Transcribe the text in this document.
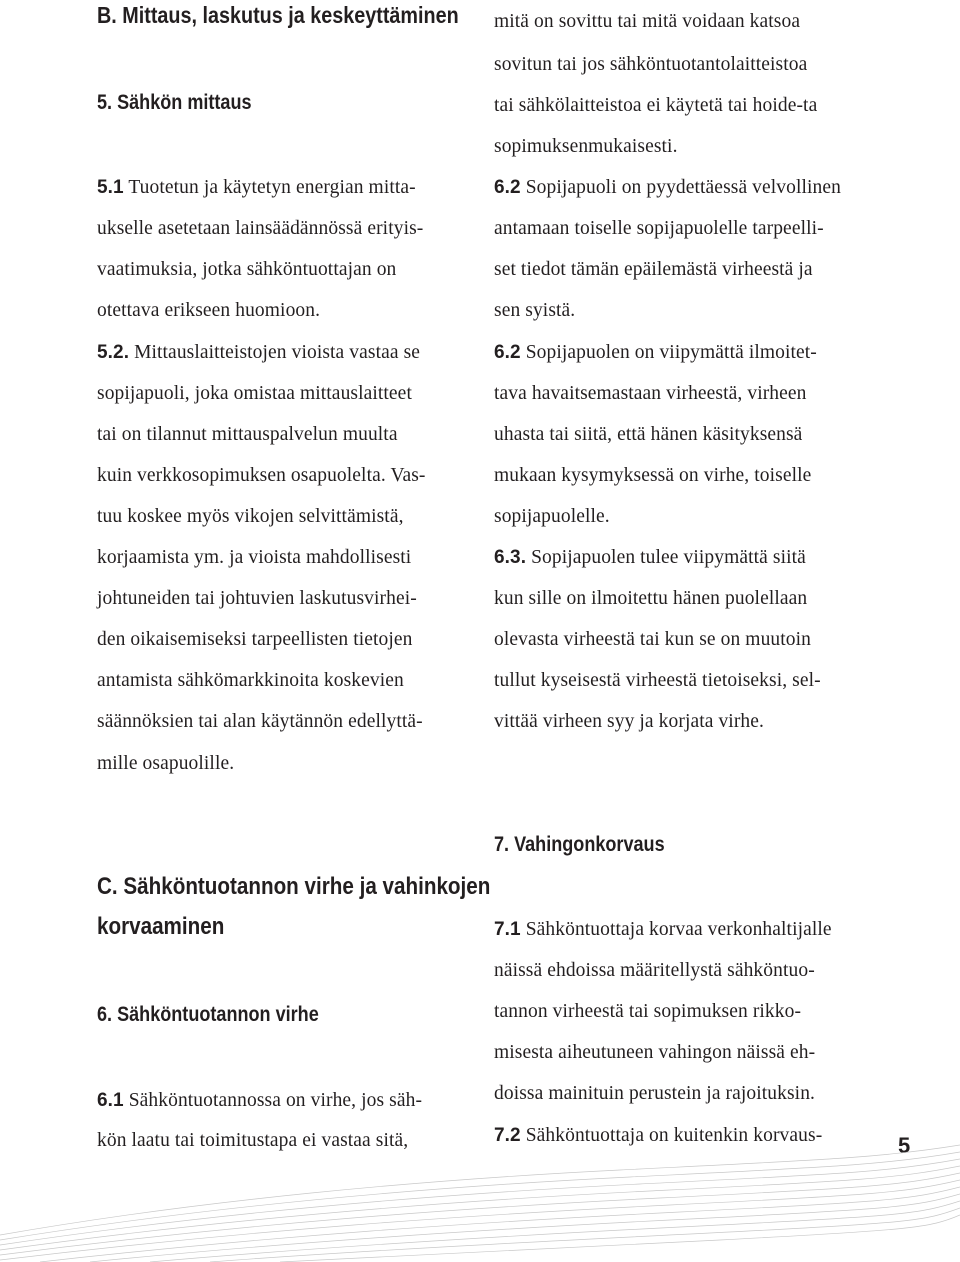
B. Mittaus, laskutus ja keskeyttäminen
5. Sähkön mittaus

5.1 Tuotetun ja käytetyn energian mitta-

ukselle asetetaan lainsäädännössä erityis-

vaatimuksia, jotka sähköntuottajan on

otettava erikseen huomioon.

5.2. Mittauslaitteistojen vioista vastaa se

sopijapuoli, joka omistaa mittauslaitteet

tai on tilannut mittauspalvelun muulta

kuin verkkosopimuksen osapuolelta. Vas-

tuu koskee myös vikojen selvittämistä,

korjaamista ym. ja vioista mahdollisesti

johtuneiden tai johtuvien laskutusvirhei-

den oikaisemiseksi tarpeellisten tietojen

antamista sähkömarkkinoita koskevien

säännöksien tai alan käytännön edellyttä-

mille osapuolille.

C. Sähköntuotannon virhe ja vahinkojen
korvaaminen
6. Sähköntuotannon virhe

6.1 Sähköntuotannossa on virhe, jos säh-

kön laatu tai toimitustapa ei vastaa sitä,

mitä on sovittu tai mitä voidaan katsoa

sovitun tai jos sähköntuotantolaitteistoa

tai sähkölaitteistoa ei käytetä tai hoide-ta

sopimuksenmukaisesti.

6.2 Sopijapuoli on pyydettäessä velvollinen

antamaan toiselle sopijapuolelle tarpeelli-

set tiedot tämän epäilemästä virheestä ja

sen syistä.

6.2 Sopijapuolen on viipymättä ilmoitet-

tava havaitsemastaan virheestä, virheen

uhasta tai siitä, että hänen käsityksensä

mukaan kysymyksessä on virhe, toiselle

sopijapuolelle.

6.3. Sopijapuolen tulee viipymättä siitä

kun sille on ilmoitettu hänen puolellaan

olevasta virheestä tai kun se on muutoin

tullut kyseisestä virheestä tietoiseksi, sel-

vittää virheen syy ja korjata virhe.

7. Vahingonkorvaus

7.1 Sähköntuottaja korvaa verkonhaltijalle

näissä ehdoissa määritellystä sähköntuo-

tannon virheestä tai sopimuksen rikko-

misesta aiheutuneen vahingon näissä eh-

doissa mainituin perustein ja rajoituksin.

7.2 Sähköntuottaja on kuitenkin korvaus-	5
